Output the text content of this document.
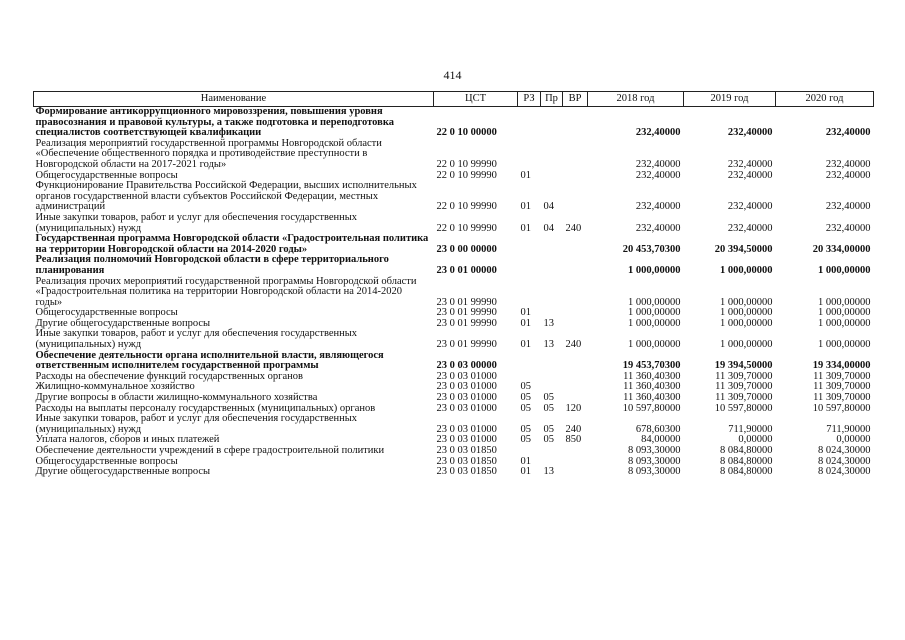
414
Наименование	ЦСТ	РЗ	Пр	ВР	2018 год	2019 год	2020 год
Формирование антикоррупционного мировоззрения, повышения уровня правосознания и правовой культуры, а также подготовка и переподготовка специалистов соответствующей квалификации	22 0 10 00000				232,40000	232,40000	232,40000
Реализация мероприятий государственной программы Новгородской области «Обеспечение общественного порядка и противодействие преступности в Новгородской области на 2017-2021 годы»	22 0 10 99990				232,40000	232,40000	232,40000
Общегосударственные вопросы	22 0 10 99990	01			232,40000	232,40000	232,40000
Функционирование Правительства Российской Федерации, высших исполнительных органов государственной власти субъектов Российской Федерации, местных администраций	22 0 10 99990	01	04		232,40000	232,40000	232,40000
Иные закупки товаров, работ и услуг для обеспечения государственных (муниципальных) нужд	22 0 10 99990	01	04	240	232,40000	232,40000	232,40000
Государственная программа Новгородской области «Градостроительная политика на территории Новгородской области на 2014-2020 годы»	23 0 00 00000				20 453,70300	20 394,50000	20 334,00000
Реализация полномочий Новгородской области в сфере территориального планирования	23 0 01 00000				1 000,00000	1 000,00000	1 000,00000
Реализация прочих мероприятий государственной программы Новгородской области «Градостроительная политика на территории Новгородской области на 2014-2020 годы»	23 0 01 99990				1 000,00000	1 000,00000	1 000,00000
Общегосударственные вопросы	23 0 01 99990	01			1 000,00000	1 000,00000	1 000,00000
Другие общегосударственные вопросы	23 0 01 99990	01	13		1 000,00000	1 000,00000	1 000,00000
Иные закупки товаров, работ и услуг для обеспечения государственных (муниципальных) нужд	23 0 01 99990	01	13	240	1 000,00000	1 000,00000	1 000,00000
Обеспечение деятельности органа исполнительной власти, являющегося ответственным исполнителем государственной программы	23 0 03 00000				19 453,70300	19 394,50000	19 334,00000
Расходы на обеспечение функций государственных органов	23 0 03 01000				11 360,40300	11 309,70000	11 309,70000
Жилищно-коммунальное хозяйство	23 0 03 01000	05			11 360,40300	11 309,70000	11 309,70000
Другие вопросы в области жилищно-коммунального хозяйства	23 0 03 01000	05	05		11 360,40300	11 309,70000	11 309,70000
Расходы на выплаты персоналу государственных (муниципальных) органов	23 0 03 01000	05	05	120	10 597,80000	10 597,80000	10 597,80000
Иные закупки товаров, работ и услуг для обеспечения государственных (муниципальных) нужд	23 0 03 01000	05	05	240	678,60300	711,90000	711,90000
Уплата налогов, сборов и иных платежей	23 0 03 01000	05	05	850	84,00000	0,00000	0,00000
Обеспечение деятельности учреждений в сфере градостроительной политики	23 0 03 01850				8 093,30000	8 084,80000	8 024,30000
Общегосударственные вопросы	23 0 03 01850	01			8 093,30000	8 084,80000	8 024,30000
Другие общегосударственные вопросы	23 0 03 01850	01	13		8 093,30000	8 084,80000	8 024,30000
